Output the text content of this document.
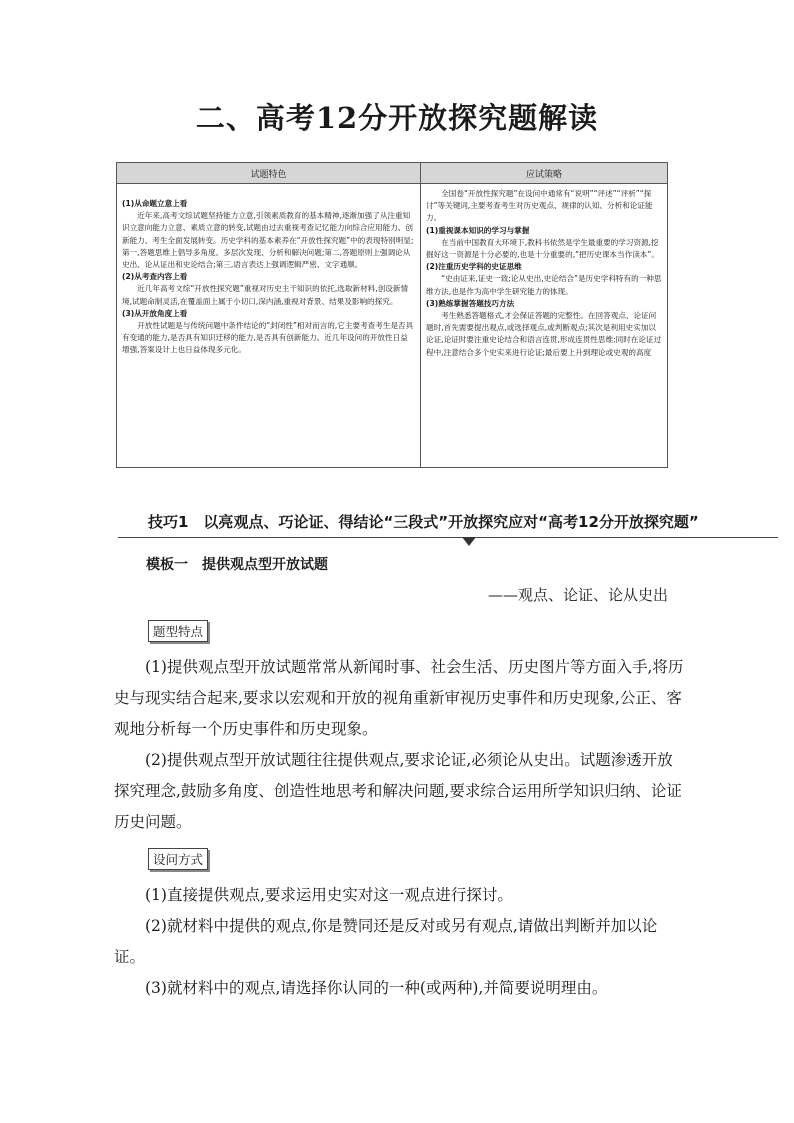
二、高考12分开放探究题解读
试题特色	应试策略

(1)从命题立意上看

近年来,高考文综试题坚持能力立意,引领素质教育的基本精神,逐渐加强了从注重知识立意向能力立意、素质立意的转变,试题由过去重视考查记忆能力向综合应用能力、创新能力、考生全面发展转变。历史学科的基本素养在“开放性探究题”中的表现特别明显;第一,答题思维上倡导多角度、多层次发现、分析和解决问题;第二,答题原则上强调论从史出、论从证出和史论结合;第三,语言表达上强调逻辑严密、文字通顺。

(2)从考查内容上看

近几年高考文综“开放性探究题”重视对历史主干知识的依托,选取新材料,创设新情境,试题命制灵活,在覆盖面上属于小切口,深内涵,重视对背景、结果及影响的探究。

(3)从开放角度上看

开放性试题是与传统问题中条件结论的“封闭性”相对而言的,它主要考查考生是否具有变通的能力,是否具有知识迁移的能力,是否具有创新能力。近几年设问的开放性日益增强,答案设计上也日益体现多元化。

全国卷“开放性探究题”在设问中通常有“说明”“评述”“评析”“探讨”等关键词,主要考查考生对历史观点、规律的认知、分析和论证能力。

(1)重视课本知识的学习与掌握

在当前中国教育大环境下,教科书依然是学生最重要的学习资源,挖掘好这一资源是十分必要的,也是十分重要的,“把历史课本当作读本”。

(2)注重历史学科的史证思维

“史由证来,证史一致;论从史出,史论结合”是历史学科特有的一种思维方法,也是作为高中学生研究能力的体现。

(3)熟练掌握答题技巧方法

考生熟悉答题格式,才会保证答题的完整性。在回答观点、论证问题时,首先需要提出观点,或选择观点,或判断观点;其次是利用史实加以论证,论证时要注重史论结合和语言连贯,形成连贯性思维;同时在论证过程中,注意结合多个史实来进行论证;最后要上升到理论或史观的高度

技巧1　以亮观点、巧论证、得结论“三段式”开放探究应对“高考12分开放探究题”
模板一　提供观点型开放试题
——观点、论证、论从史出
题型特点

(1)提供观点型开放试题常常从新闻时事、社会生活、历史图片等方面入手,将历史与现实结合起来,要求以宏观和开放的视角重新审视历史事件和历史现象,公正、客观地分析每一个历史事件和历史现象。

(2)提供观点型开放试题往往提供观点,要求论证,必须论从史出。试题渗透开放探究理念,鼓励多角度、创造性地思考和解决问题,要求综合运用所学知识归纳、论证历史问题。

设问方式

(1)直接提供观点,要求运用史实对这一观点进行探讨。

(2)就材料中提供的观点,你是赞同还是反对或另有观点,请做出判断并加以论证。

(3)就材料中的观点,请选择你认同的一种(或两种),并简要说明理由。
